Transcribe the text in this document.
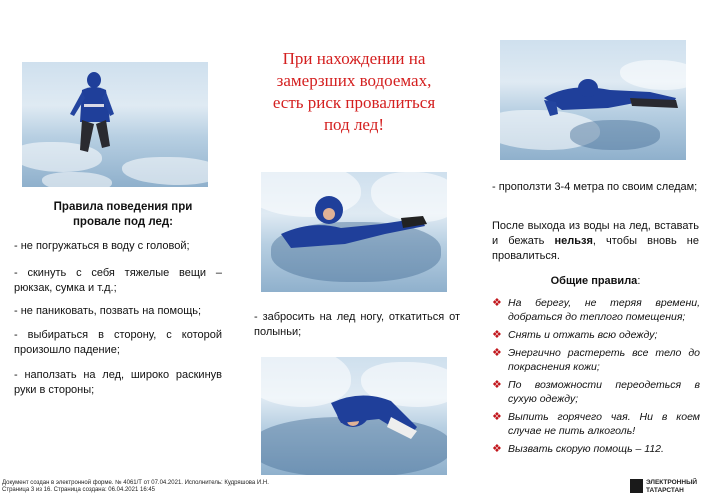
При нахождении на замерзших водоемах, есть риск провалиться под лед!
Правила поведения при провале под лед:
- не погружаться в воду с головой;
- скинуть с себя тяжелые вещи – рюкзак, сумка и т.д.;
- не паниковать, позвать на помощь;
- выбираться в сторону, с которой произошло падение;
- наползать на лед, широко раскинув руки в стороны;
- забросить на лед ногу, откатиться от полыньи;
- проползти 3-4 метра по своим следам;
После выхода из воды на лед, вставать и бежать нельзя, чтобы вновь не провалиться.
Общие правила:
❖ На берегу, не теряя времени, добраться до теплого помещения;
❖ Снять и отжать всю одежду;
❖ Энергично растереть все тело до покраснения кожи;
❖ По возможности переодеться в сухую одежду;
❖ Выпить горячего чая. Ни в коем случае не пить алкоголь!
❖ Вызвать скорую помощь – 112.
Документ создан в электронной форме. № 4061/Т от 07.04.2021. Исполнитель: Кудряшова И.Н.
Страница 3 из 16. Страница создана: 06.04.2021 16:45
ЭЛЕКТРОННЫЙ
ТАТАРСТАН
